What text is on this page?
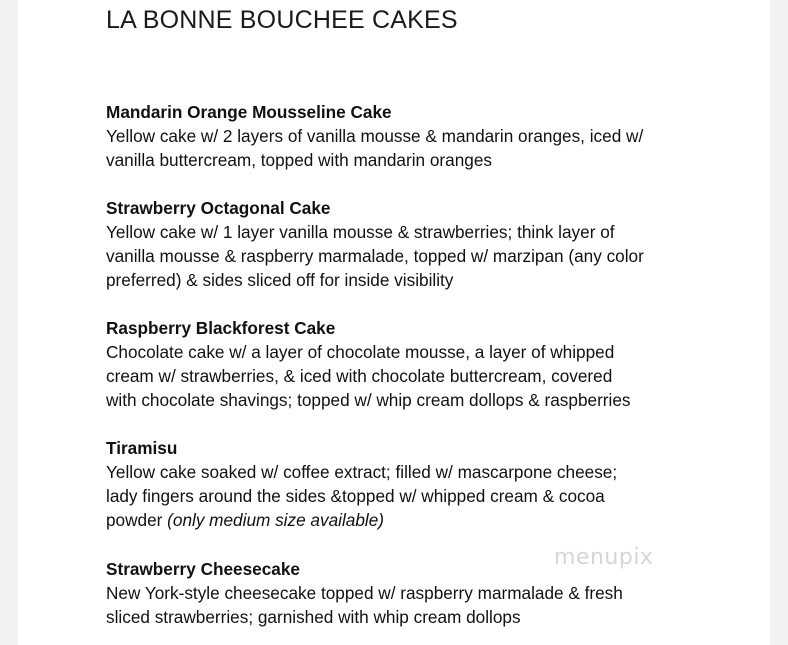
LA BONNE BOUCHEE CAKES
Mandarin Orange Mousseline Cake
Yellow cake w/ 2 layers of vanilla mousse & mandarin oranges, iced w/
vanilla buttercream, topped with mandarin oranges
Strawberry Octagonal Cake
Yellow cake w/ 1 layer vanilla mousse & strawberries; think layer of
vanilla mousse & raspberry marmalade, topped w/ marzipan (any color
preferred) & sides sliced off for inside visibility
Raspberry Blackforest Cake
Chocolate cake w/ a layer of chocolate mousse, a layer of whipped
cream w/ strawberries, & iced with chocolate buttercream, covered
with chocolate shavings; topped w/ whip cream dollops & raspberries
Tiramisu
Yellow cake soaked w/ coffee extract; filled w/ mascarpone cheese;
lady fingers around the sides &topped w/ whipped cream & cocoa
powder (only medium size available)
Strawberry Cheesecake
New York-style cheesecake topped w/ raspberry marmalade & fresh
sliced strawberries; garnished with whip cream dollops
menupix
